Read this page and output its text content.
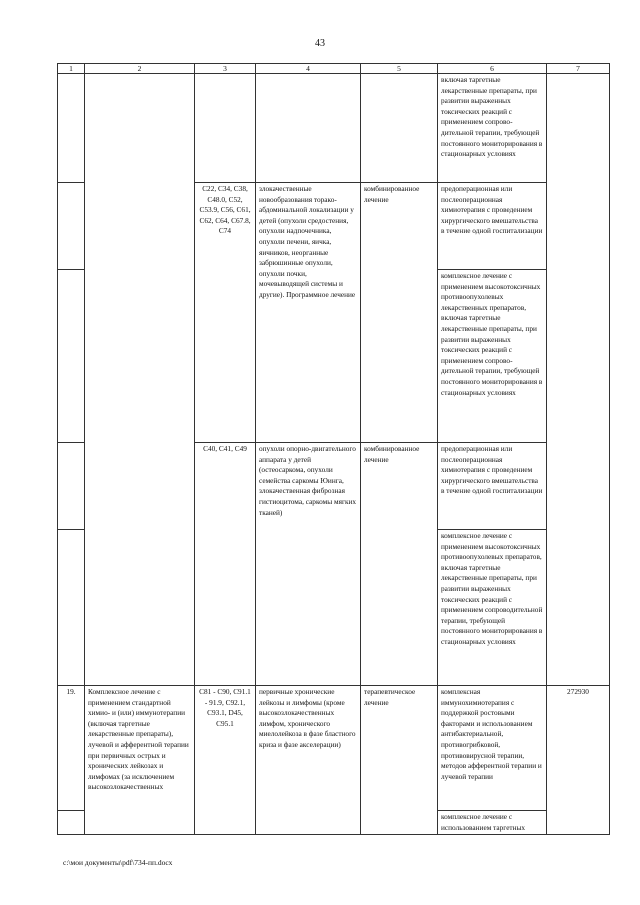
43
1	2	3	4	5	6	7
					включая таргетные лекарственные препараты, при развитии выраженных токсических реакций с применением сопрово-дительной терапии, требующей постоянного мониторирования в стационарных условиях	
		C22, C34, C38, C48.0, C52, C53.9, C56, C61, C62, C64, C67.8, C74	злокачественные новообразования торако-абдоминальной локализации у детей (опухоли средостения, опухоли надпочечника, опухоли печени, яичка, яичников, неорганные забрюшинные опухоли, опухоли почки, мочевыводящей системы и другие). Программное лечение	комбинированное лечение	предоперационная или послеоперационная химиотерапия с проведением хирургического вмешательства в течение одной госпитализации	
					комплексное лечение с применением высокотоксичных противоопухолевых лекарственных препаратов, включая таргетные лекарственные препараты, при развитии выраженных токсических реакций с применением сопрово-дительной терапии, требующей постоянного мониторирования в стационарных условиях	
		C40, C41, C49	опухоли опорно-двигательного аппарата у детей (остеосаркома, опухоли семейства саркомы Юинга, злокачественная фиброзная гистиоцитома, саркомы мягких тканей)	комбинированное лечение	предоперационная или послеоперационная химиотерапия с проведением хирургического вмешательства в течение одной госпитализации	
					комплексное лечение с применением высокотоксичных противоопухолевых препаратов, включая таргетные лекарственные препараты, при развитии выраженных токсических реакций с применением сопроводительной терапии, требующей постоянного мониторирования в стационарных условиях	
19.	Комплексное лечение с применением стандартной химио- и (или) иммунотерапии (включая таргетные лекарственные препараты), лучевой и афферентной терапии при первичных острых и хронических лейкозах и лимфомах (за исключением высокозлокачественных	C81 - C90, C91.1 - 91.9, C92.1, C93.1, D45, C95.1	первичные хронические лейкозы и лимфомы (кроме высокозлокачественных лимфом, хронического миелолейкоза в фазе бластного криза и фазе акселерации)	терапевтическое лечение	комплексная иммунохимиотерапия с поддержкой ростовыми факторами и использованием антибактериальной, противогрибковой, противовирусной терапии, методов афферентной терапии и лучевой терапии	272930
					комплексное лечение с использованием таргетных	
c:\мои документы\pdf\734-пп.docx
